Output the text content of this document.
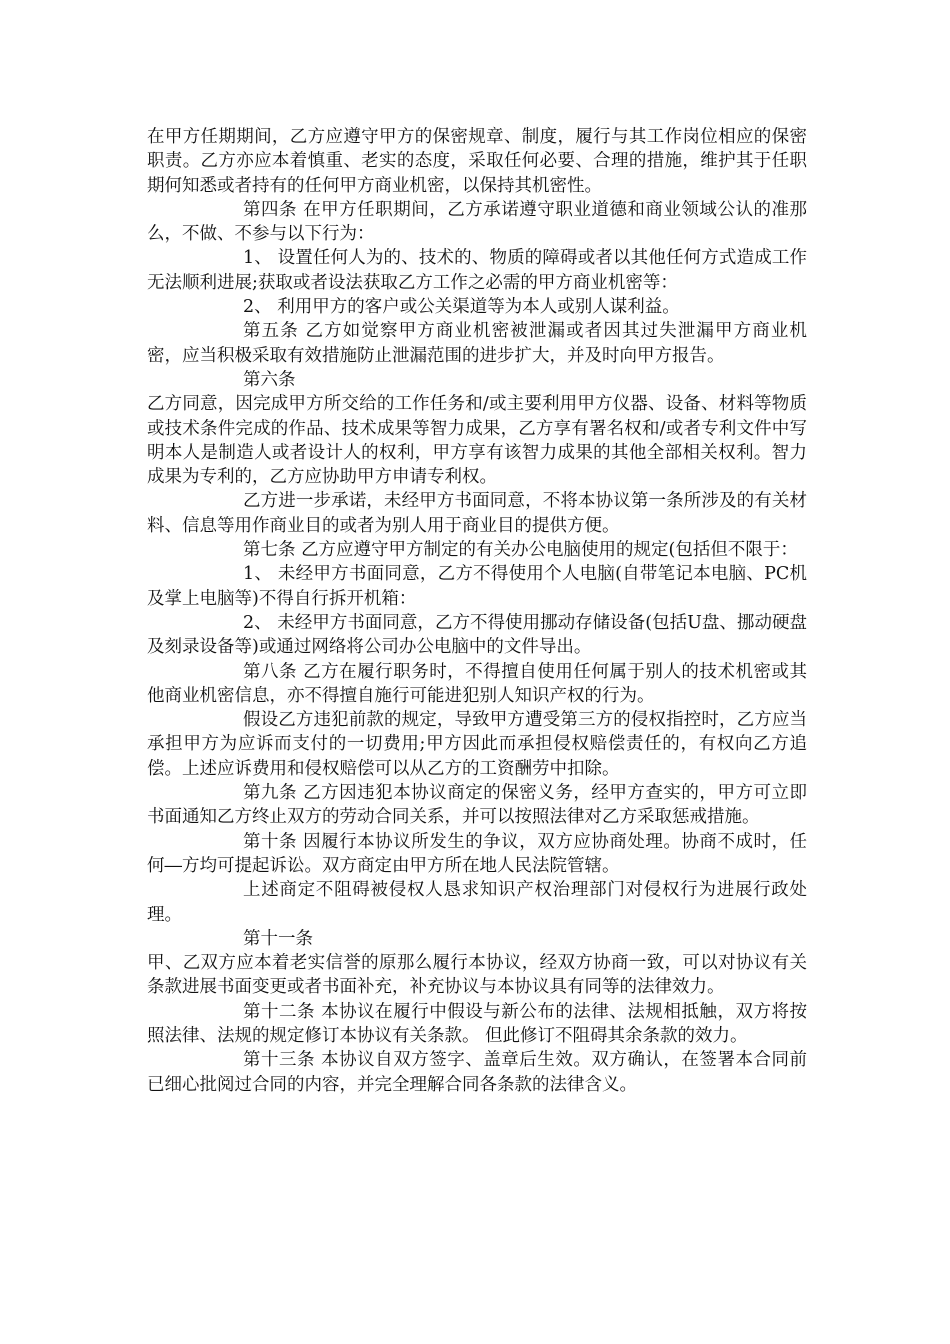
在甲方任期期间，乙方应遵守甲方的保密规章、制度，履行与其工作岗位相应的保密职责。乙方亦应本着慎重、老实的态度，采取任何必要、合理的措施，维护其于任职期何知悉或者持有的任何甲方商业机密，以保持其机密性。

第四条 在甲方任职期间，乙方承诺遵守职业道德和商业领域公认的准那么，不做、不参与以下行为：

1、 设置任何人为的、技术的、物质的障碍或者以其他任何方式造成工作无法顺利进展;获取或者设法获取乙方工作之必需的甲方商业机密等：

2、 利用甲方的客户或公关渠道等为本人或别人谋利益。

第五条 乙方如觉察甲方商业机密被泄漏或者因其过失泄漏甲方商业机密，应当积极采取有效措施防止泄漏范围的进步扩大，并及时向甲方报告。

第六条

乙方同意，因完成甲方所交给的工作任务和/或主要利用甲方仪器、设备、材料等物质或技术条件完成的作品、技术成果等智力成果，乙方享有署名权和/或者专利文件中写明本人是制造人或者设计人的权利，甲方享有该智力成果的其他全部相关权利。智力成果为专利的，乙方应协助甲方申请专利权。

乙方进一步承诺，未经甲方书面同意，不将本协议第一条所涉及的有关材料、信息等用作商业目的或者为别人用于商业目的提供方便。

第七条 乙方应遵守甲方制定的有关办公电脑使用的规定(包括但不限于：

1、 未经甲方书面同意，乙方不得使用个人电脑(自带笔记本电脑、PC机及掌上电脑等)不得自行拆开机箱：

2、 未经甲方书面同意，乙方不得使用挪动存储设备(包括U盘、挪动硬盘及刻录设备等)或通过网络将公司办公电脑中的文件导出。

第八条 乙方在履行职务时，不得擅自使用任何属于别人的技术机密或其他商业机密信息，亦不得擅自施行可能进犯别人知识产权的行为。

假设乙方违犯前款的规定，导致甲方遭受第三方的侵权指控时，乙方应当承担甲方为应诉而支付的一切费用;甲方因此而承担侵权赔偿责任的，有权向乙方追偿。上述应诉费用和侵权赔偿可以从乙方的工资酬劳中扣除。

第九条 乙方因违犯本协议商定的保密义务，经甲方查实的，甲方可立即书面通知乙方终止双方的劳动合同关系，并可以按照法律对乙方采取惩戒措施。

第十条 因履行本协议所发生的争议，双方应协商处理。协商不成时，任何―方均可提起诉讼。双方商定由甲方所在地人民法院管辖。

上述商定不阻碍被侵权人恳求知识产权治理部门对侵权行为进展行政处理。

第十一条

甲、乙双方应本着老实信誉的原那么履行本协议，经双方协商一致，可以对协议有关条款进展书面变更或者书面补充，补充协议与本协议具有同等的法律效力。

第十二条 本协议在履行中假设与新公布的法律、法规相抵触，双方将按照法律、法规的规定修订本协议有关条款。 但此修订不阻碍其余条款的效力。

第十三条 本协议自双方签字、盖章后生效。双方确认，在签署本合同前已细心批阅过合同的内容，并完全理解合同各条款的法律含义。
